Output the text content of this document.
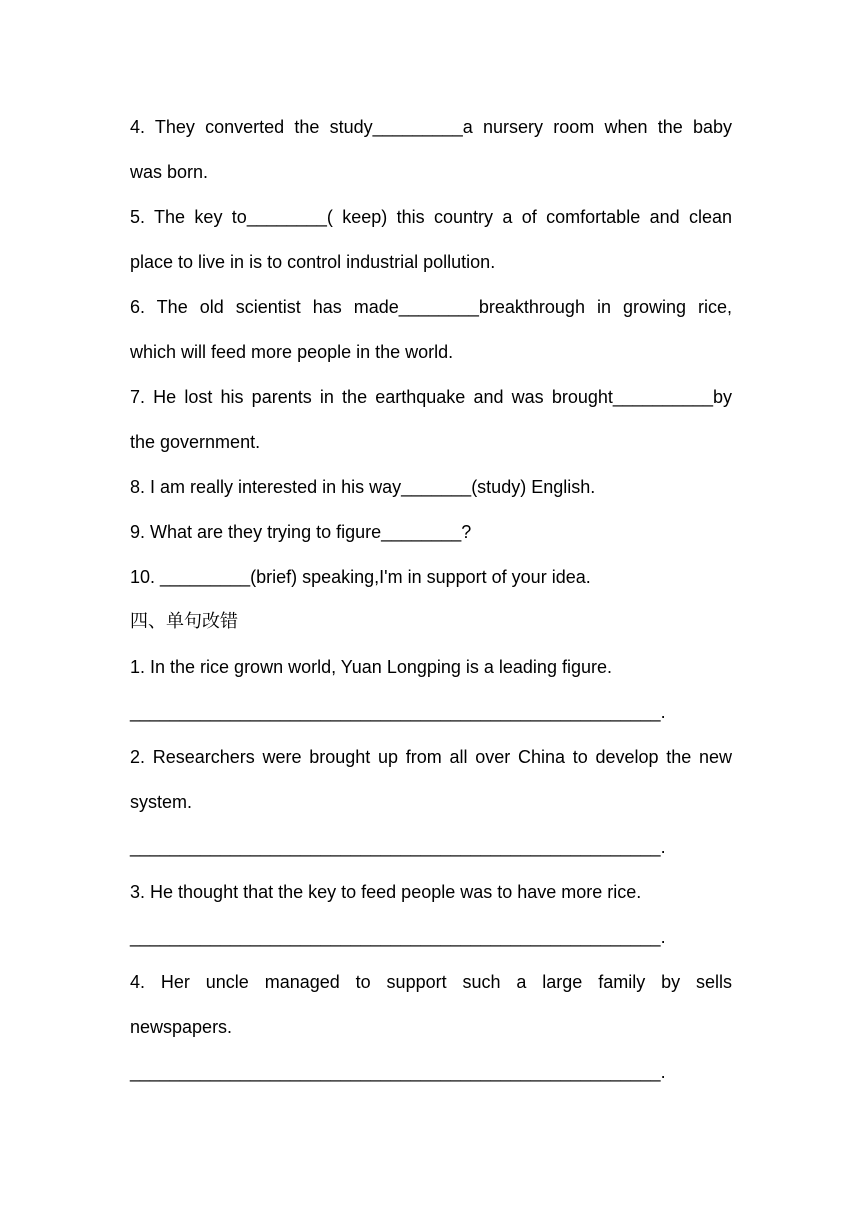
4. They converted the study_________a nursery room when the baby
was born.
5. The key to________( keep) this country a of comfortable and clean
place to live in is to control industrial pollution.
6. The old scientist has made________breakthrough in growing rice,
which will feed more people in the world.
7. He lost his parents in the earthquake and was brought__________by
the government.
8. I am really interested in his way_______(study) English.
9. What are they trying to figure________?
10. _________(brief) speaking,I'm in support of your idea.
四、单句改错
1. In the rice grown world, Yuan Longping is a leading figure.
_____________________________________________________.
2. Researchers were brought up from all over China to develop the new
system.
_____________________________________________________.
3. He thought that the key to feed people was to have more rice.
_____________________________________________________.
4. Her uncle managed to support such a large family by sells
newspapers.
_____________________________________________________.
